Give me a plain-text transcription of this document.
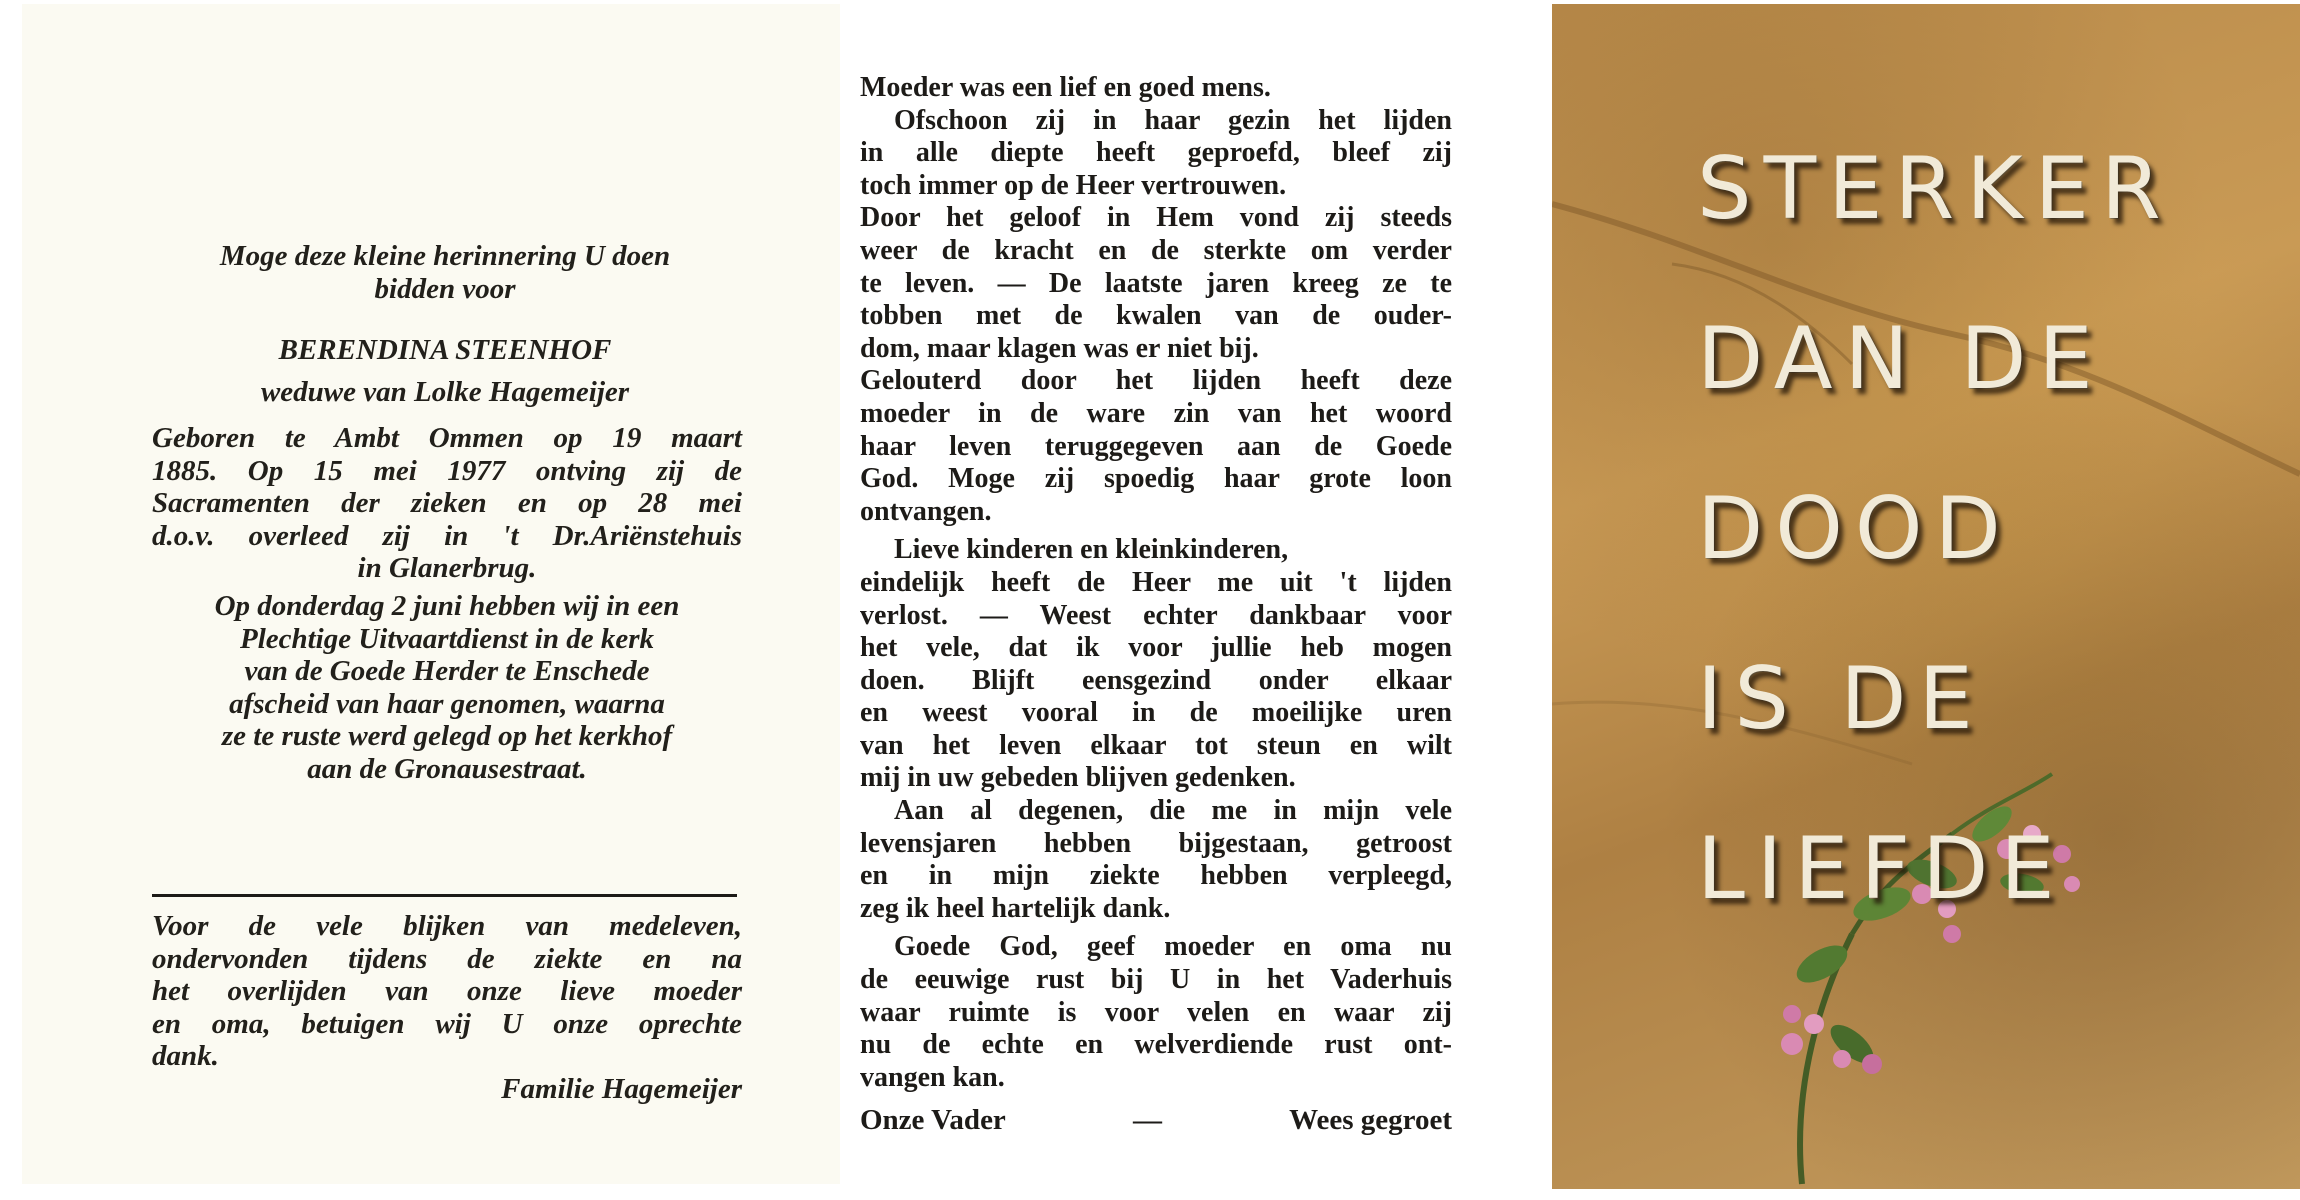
Moge deze kleine herinnering U doen
bidden voor
BERENDINA STEENHOF
weduwe van Lolke Hagemeijer
Geboren te Ambt Ommen op 19 maart
1885. Op 15 mei 1977 ontving zij de
Sacramenten der zieken en op 28 mei
d.o.v. overleed zij in 't Dr.Ariënstehuis
in Glanerbrug.
Op donderdag 2 juni hebben wij in een
Plechtige Uitvaartdienst in de kerk
van de Goede Herder te Enschede
afscheid van haar genomen, waarna
ze te ruste werd gelegd op het kerkhof
aan de Gronausestraat.
Voor de vele blijken van medeleven,
ondervonden tijdens de ziekte en na
het overlijden van onze lieve moeder
en oma, betuigen wij U onze oprechte
dank.
Familie Hagemeijer
Moeder was een lief en goed mens.
Ofschoon zij in haar gezin het lijden
in alle diepte heeft geproefd, bleef zij
toch immer op de Heer vertrouwen.
Door het geloof in Hem vond zij steeds
weer de kracht en de sterkte om verder
te leven. — De laatste jaren kreeg ze te
tobben met de kwalen van de ouder-
dom, maar klagen was er niet bij.
Gelouterd door het lijden heeft deze
moeder in de ware zin van het woord
haar leven teruggegeven aan de Goede
God. Moge zij spoedig haar grote loon
ontvangen.
Lieve kinderen en kleinkinderen,
eindelijk heeft de Heer me uit 't lijden
verlost. — Weest echter dankbaar voor
het vele, dat ik voor jullie heb mogen
doen. Blijft eensgezind onder elkaar
en weest vooral in de moeilijke uren
van het leven elkaar tot steun en wilt
mij in uw gebeden blijven gedenken.
Aan al degenen, die me in mijn vele
levensjaren hebben bijgestaan, getroost
en in mijn ziekte hebben verpleegd,
zeg ik heel hartelijk dank.
Goede God, geef moeder en oma nu
de eeuwige rust bij U in het Vaderhuis
waar ruimte is voor velen en waar zij
nu de echte en welverdiende rust ont-
vangen kan.
Onze Vader	—	Wees gegroet
STERKER
DAN DE
DOOD
IS DE
LIEFDE
